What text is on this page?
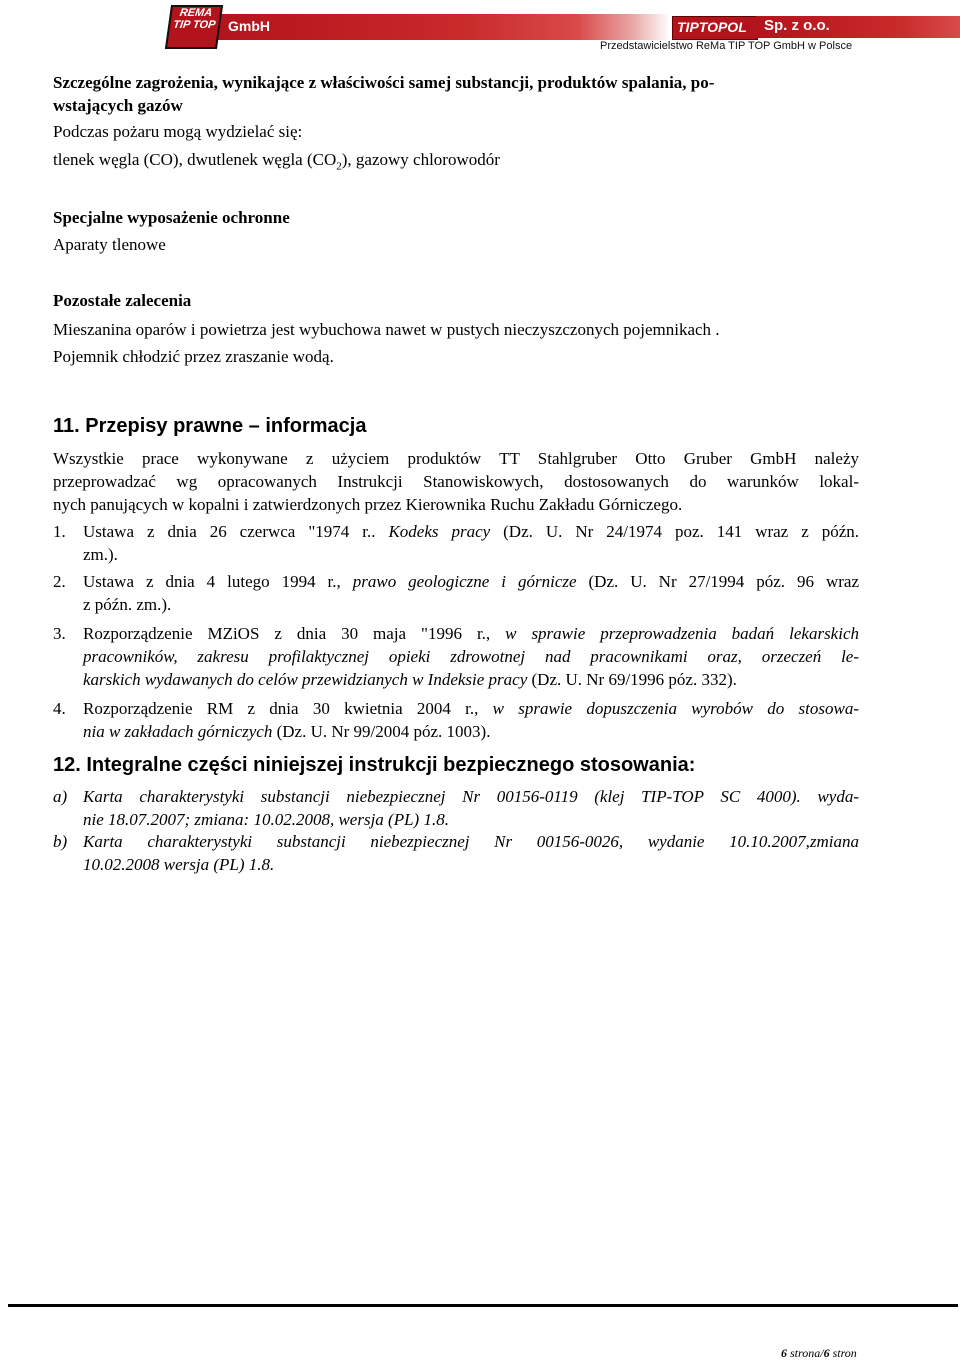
GmbH
REMA TIP TOP	TIPTOPOL Sp. z o.o.
Przedstawicielstwo ReMa TIP TOP GmbH w Polsce
Szczególne zagrożenia, wynikające z właściwości samej substancji, produktów spalania, po-
wstających gazów
Podczas pożaru mogą wydzielać się:
tlenek węgla (CO), dwutlenek węgla $(CO_2)$, gazowy chlorowodór
Specjalne wyposażenie ochronne
Aparaty tlenowe
Pozostałe zalecenia
Mieszanina oparów i powietrza jest wybuchowa nawet w pustych nieczyszczonych pojemnikach .
Pojemnik chłodzić przez zraszanie wodą.
11. Przepisy prawne – informacja
Wszystkie prace wykonywane z użyciem produktów TT Stahlgruber Otto Gruber GmbH należy
przeprowadzać wg opracowanych Instrukcji Stanowiskowych, dostosowanych do warunków lokal-
nych panujących w kopalni i zatwierdzonych przez Kierownika Ruchu Zakładu Górniczego.
1. Ustawa z dnia 26 czerwca "1974 r.. Kodeks pracy (Dz. U. Nr 24/1974 poz. 141 wraz z późn.
zm.).
2. Ustawa z dnia 4 lutego 1994 r., prawo geologiczne i górnicze (Dz. U. Nr 27/1994 póz. 96 wraz
z późn. zm.).
3. Rozporządzenie MZiOS z dnia 30 maja "1996 r., w sprawie przeprowadzenia badań lekarskich
pracowników, zakresu profilaktycznej opieki zdrowotnej nad pracownikami oraz, orzeczeń le-
karskich wydawanych do celów przewidzianych w Indeksie pracy (Dz. U. Nr 69/1996 póz. 332).
4. Rozporządzenie RM z dnia 30 kwietnia 2004 r., w sprawie dopuszczenia wyrobów do stosowa-
nia w zakładach górniczych (Dz. U. Nr 99/2004 póz. 1003).
12. Integralne części niniejszej instrukcji bezpiecznego stosowania:
a) Karta charakterystyki substancji niebezpiecznej Nr 00156-0119 (klej TIP-TOP SC 4000). wyda-
nie 18.07.2007; zmiana: 10.02.2008, wersja (PL) 1.8.
b) Karta charakterystyki substancji niebezpiecznej Nr 00156-0026, wydanie 10.10.2007,zmiana
10.02.2008 wersja (PL) 1.8.
6 strona/6 stron
